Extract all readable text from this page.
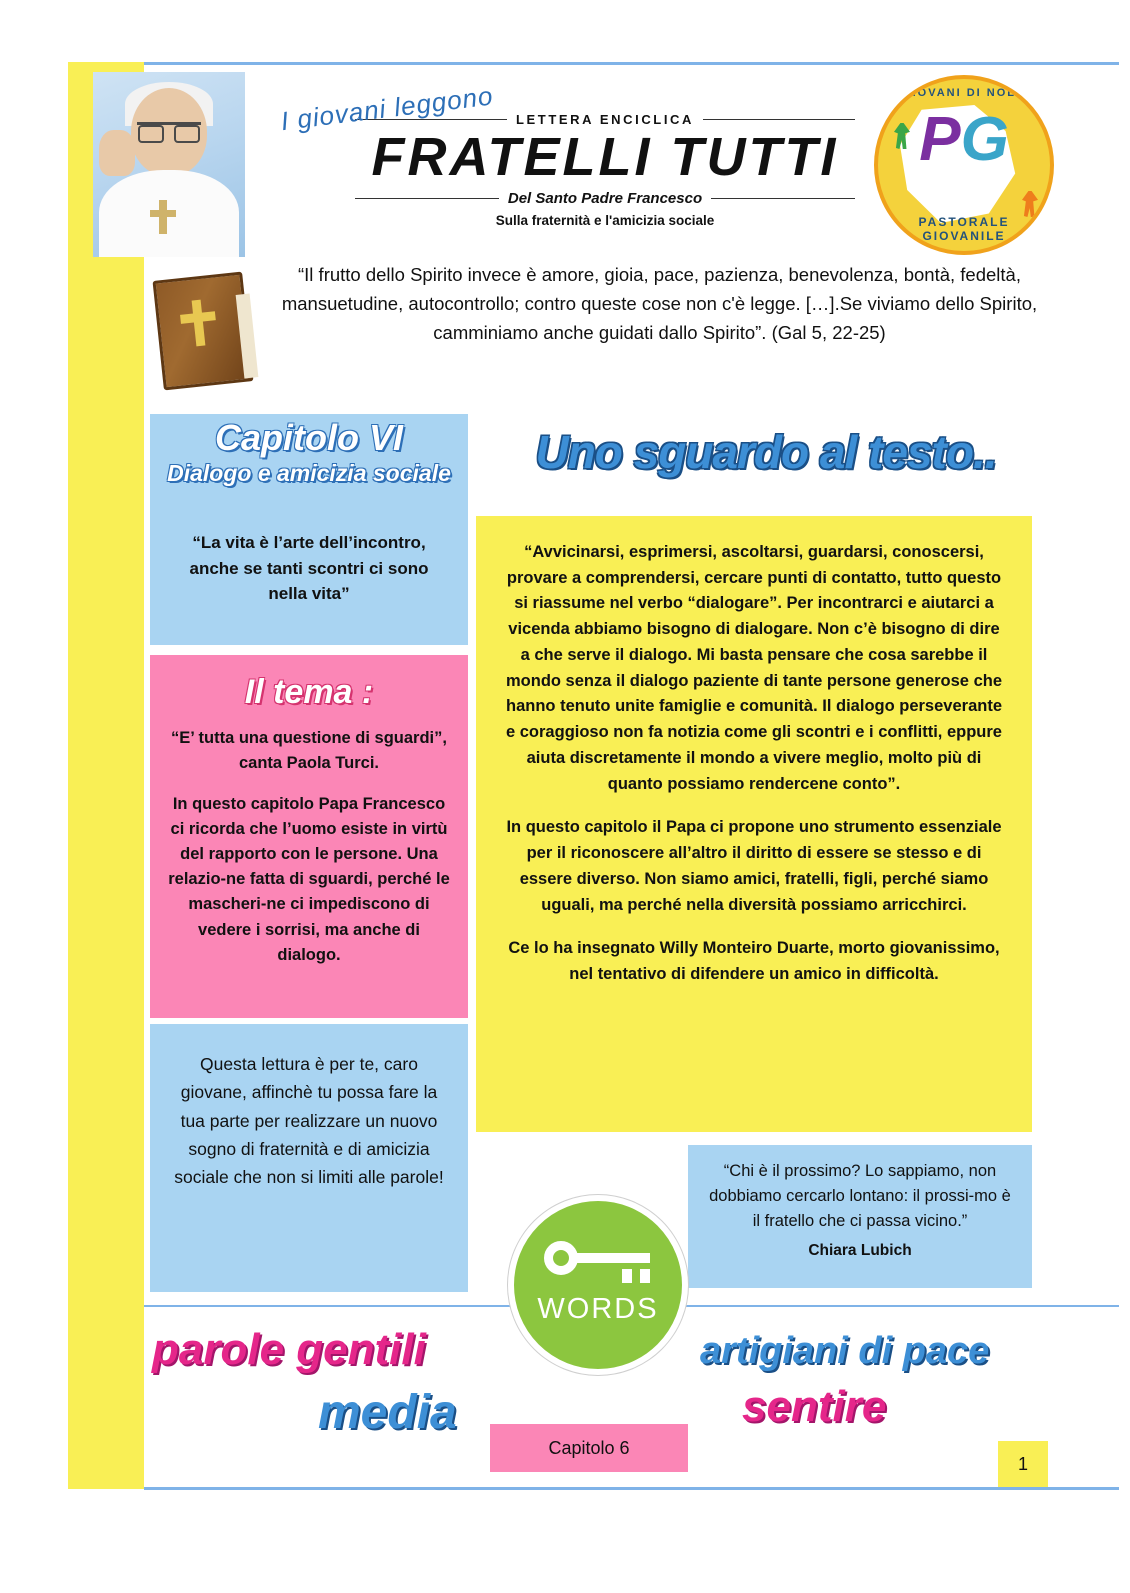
LETTERA ENCICLICA
FRATELLI TUTTI
Del Santo Padre Francesco
Sulla fraternità e l'amicizia sociale
I giovani leggono	GIOVANI DI NOLA
PG
PASTORALE GIOVANILE
“Il frutto dello Spirito invece è amore, gioia, pace, pazienza, benevolenza, bontà, fedeltà, mansuetudine, autocontrollo; contro queste cose non c'è legge. […].Se viviamo dello Spirito, camminiamo anche guidati dallo Spirito”. (Gal 5, 22-25)
Capitolo VI
Dialogo e amicizia sociale
“La vita è l’arte dell’incontro, anche se tanti scontri ci sono nella vita”
Il tema :

“E’ tutta una questione di sguardi”, canta Paola Turci.

In questo capitolo Papa Francesco ci ricorda che l’uomo esiste in virtù del rapporto con le persone. Una relazio-ne fatta di sguardi, perché le mascheri-ne ci impediscono di vedere i sorrisi, ma anche di dialogo.

Questa lettura è per te, caro giovane, affinchè tu possa fare la tua parte per realizzare un nuovo sogno di fraternità e di amicizia sociale che non si limiti alle parole!
Uno sguardo al testo..

“Avvicinarsi, esprimersi, ascoltarsi, guardarsi, conoscersi, provare a comprendersi, cercare punti di contatto, tutto questo si riassume nel verbo “dialogare”. Per incontrarci e aiutarci a vicenda abbiamo bisogno di dialogare. Non c’è bisogno di dire a che serve il dialogo. Mi basta pensare che cosa sarebbe il mondo senza il dialogo paziente di tante persone generose che hanno tenuto unite famiglie e comunità. Il dialogo perseverante e coraggioso non fa notizia come gli scontri e i conflitti, eppure aiuta discretamente il mondo a vivere meglio, molto più di quanto possiamo rendercene conto”.

In questo capitolo il Papa ci propone uno strumento essenziale per il riconoscere all’altro il diritto di essere se stesso e di essere diverso. Non siamo amici, fratelli, figli, perché siamo uguali, ma perché nella diversità possiamo arricchirci.

Ce lo ha insegnato Willy Monteiro Duarte, morto giovanissimo, nel tentativo di difendere un amico in difficoltà.

“Chi è il prossimo? Lo sappiamo, non dobbiamo cercarlo lontano: il prossi-mo è il fratello che ci passa vicino.”
Chiara Lubich
WORDS
parole gentili
media
artigiani di pace
sentire
Capitolo 6
1
